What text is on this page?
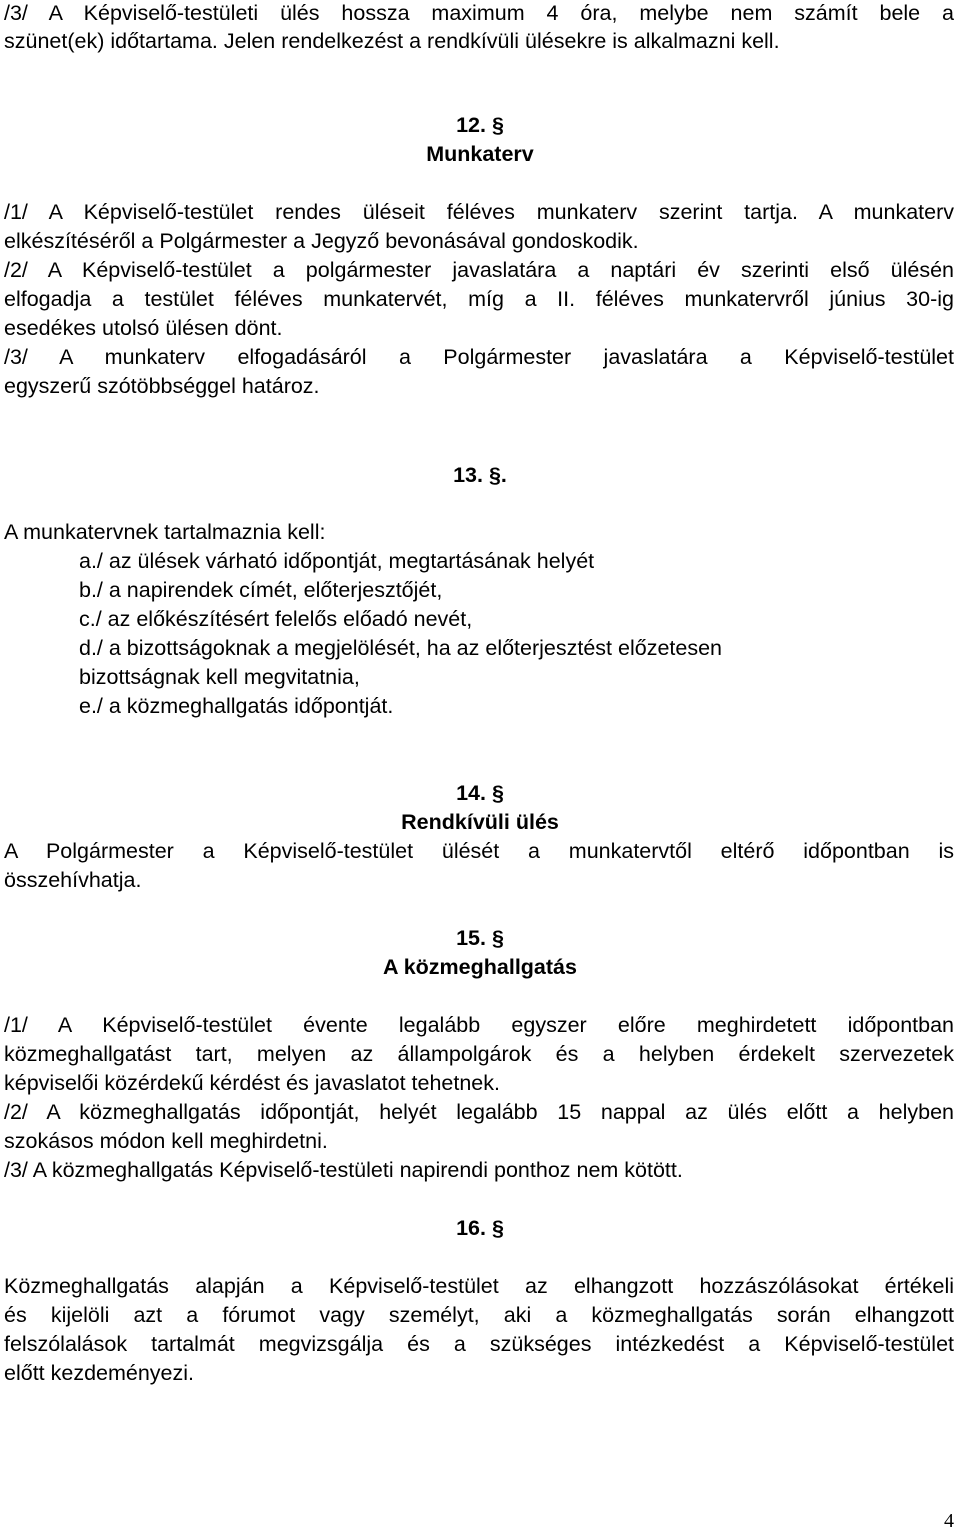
/3/ A Képviselő-testületi ülés hossza maximum 4 óra, melybe nem számít bele a
szünet(ek) időtartama. Jelen rendelkezést a rendkívüli ülésekre is alkalmazni kell.
12. §
Munkaterv
/1/ A Képviselő-testület rendes üléseit féléves munkaterv szerint tartja. A munkaterv
elkészítéséről a Polgármester a Jegyző bevonásával gondoskodik.
/2/ A Képviselő-testület a polgármester javaslatára a naptári év szerinti első ülésén
elfogadja a testület féléves munkatervét, míg a II. féléves munkatervről június 30-ig
esedékes utolsó ülésen dönt.
/3/ A munkaterv elfogadásáról a Polgármester javaslatára a Képviselő-testület
egyszerű szótöbbséggel határoz.
13. §.
A munkatervnek tartalmaznia kell:
a./ az ülések várható időpontját, megtartásának helyét
b./ a napirendek címét, előterjesztőjét,
c./ az előkészítésért felelős előadó nevét,
d./ a bizottságoknak a megjelölését, ha az előterjesztést előzetesen
bizottságnak kell megvitatnia,
e./ a közmeghallgatás időpontját.
14. §
Rendkívüli ülés
A Polgármester a Képviselő-testület ülését a munkatervtől eltérő időpontban is
összehívhatja.
15. §
A közmeghallgatás
/1/ A Képviselő-testület évente legalább egyszer előre meghirdetett időpontban
közmeghallgatást tart, melyen az állampolgárok és a helyben érdekelt szervezetek
képviselői közérdekű kérdést és javaslatot tehetnek.
/2/ A közmeghallgatás időpontját, helyét legalább 15 nappal az ülés előtt a helyben
szokásos módon kell meghirdetni.
/3/ A közmeghallgatás Képviselő-testületi napirendi ponthoz nem kötött.
16. §
Közmeghallgatás alapján a Képviselő-testület az elhangzott hozzászólásokat értékeli
és kijelöli azt a fórumot vagy személyt, aki a közmeghallgatás során elhangzott
felszólalások tartalmát megvizsgálja és a szükséges intézkedést a Képviselő-testület
előtt kezdeményezi.
4
